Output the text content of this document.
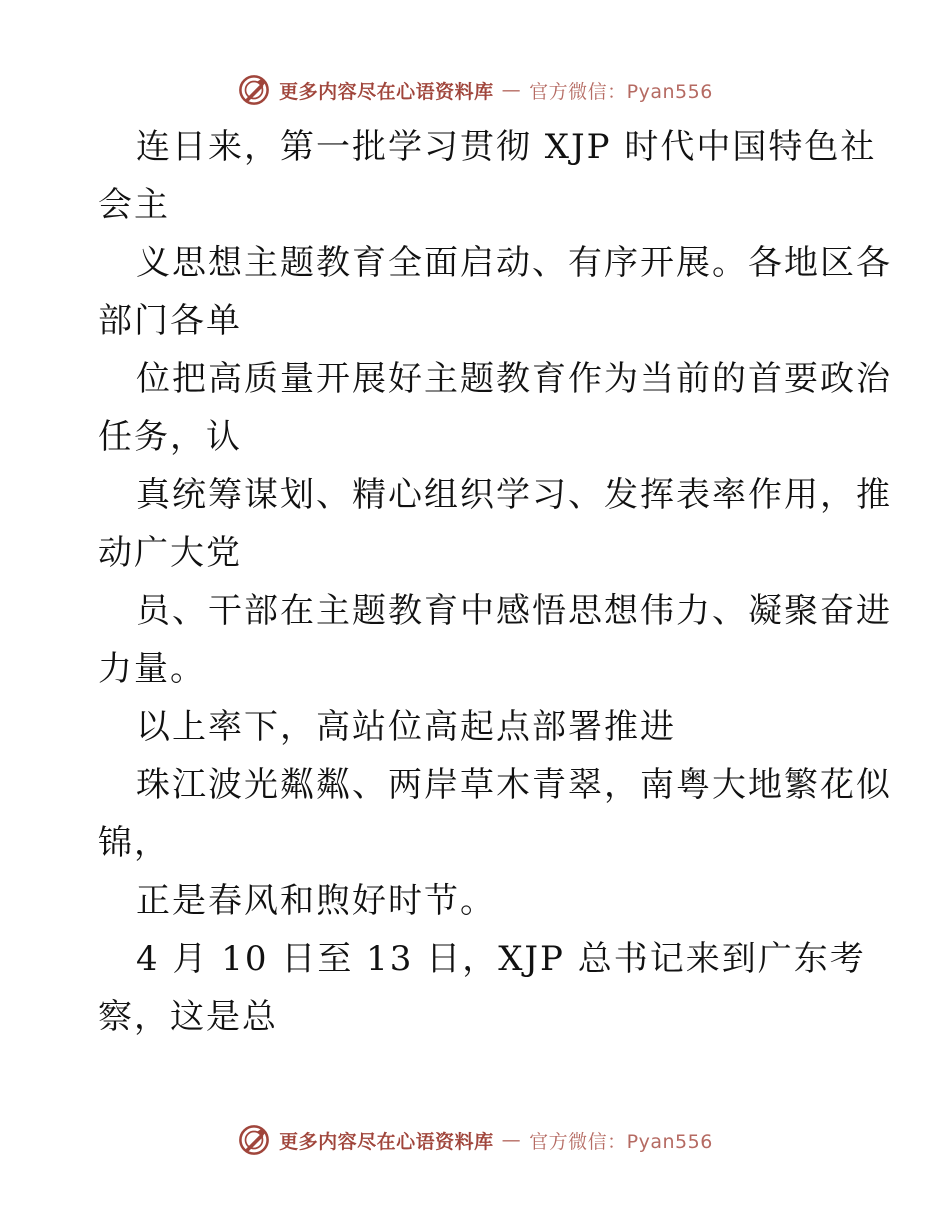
更多内容尽在心语资料库 — 官方微信：Pyan556
连日来，第一批学习贯彻 XJP 时代中国特色社
会主
义思想主题教育全面启动、有序开展。各地区各
部门各单
位把高质量开展好主题教育作为当前的首要政治
任务，认
真统筹谋划、精心组织学习、发挥表率作用，推
动广大党
员、干部在主题教育中感悟思想伟力、凝聚奋进
力量。
以上率下，高站位高起点部署推进
珠江波光粼粼、两岸草木青翠，南粤大地繁花似
锦，
正是春风和煦好时节。
4 月 10 日至 13 日，XJP 总书记来到广东考
察，这是总
更多内容尽在心语资料库 — 官方微信：Pyan556
